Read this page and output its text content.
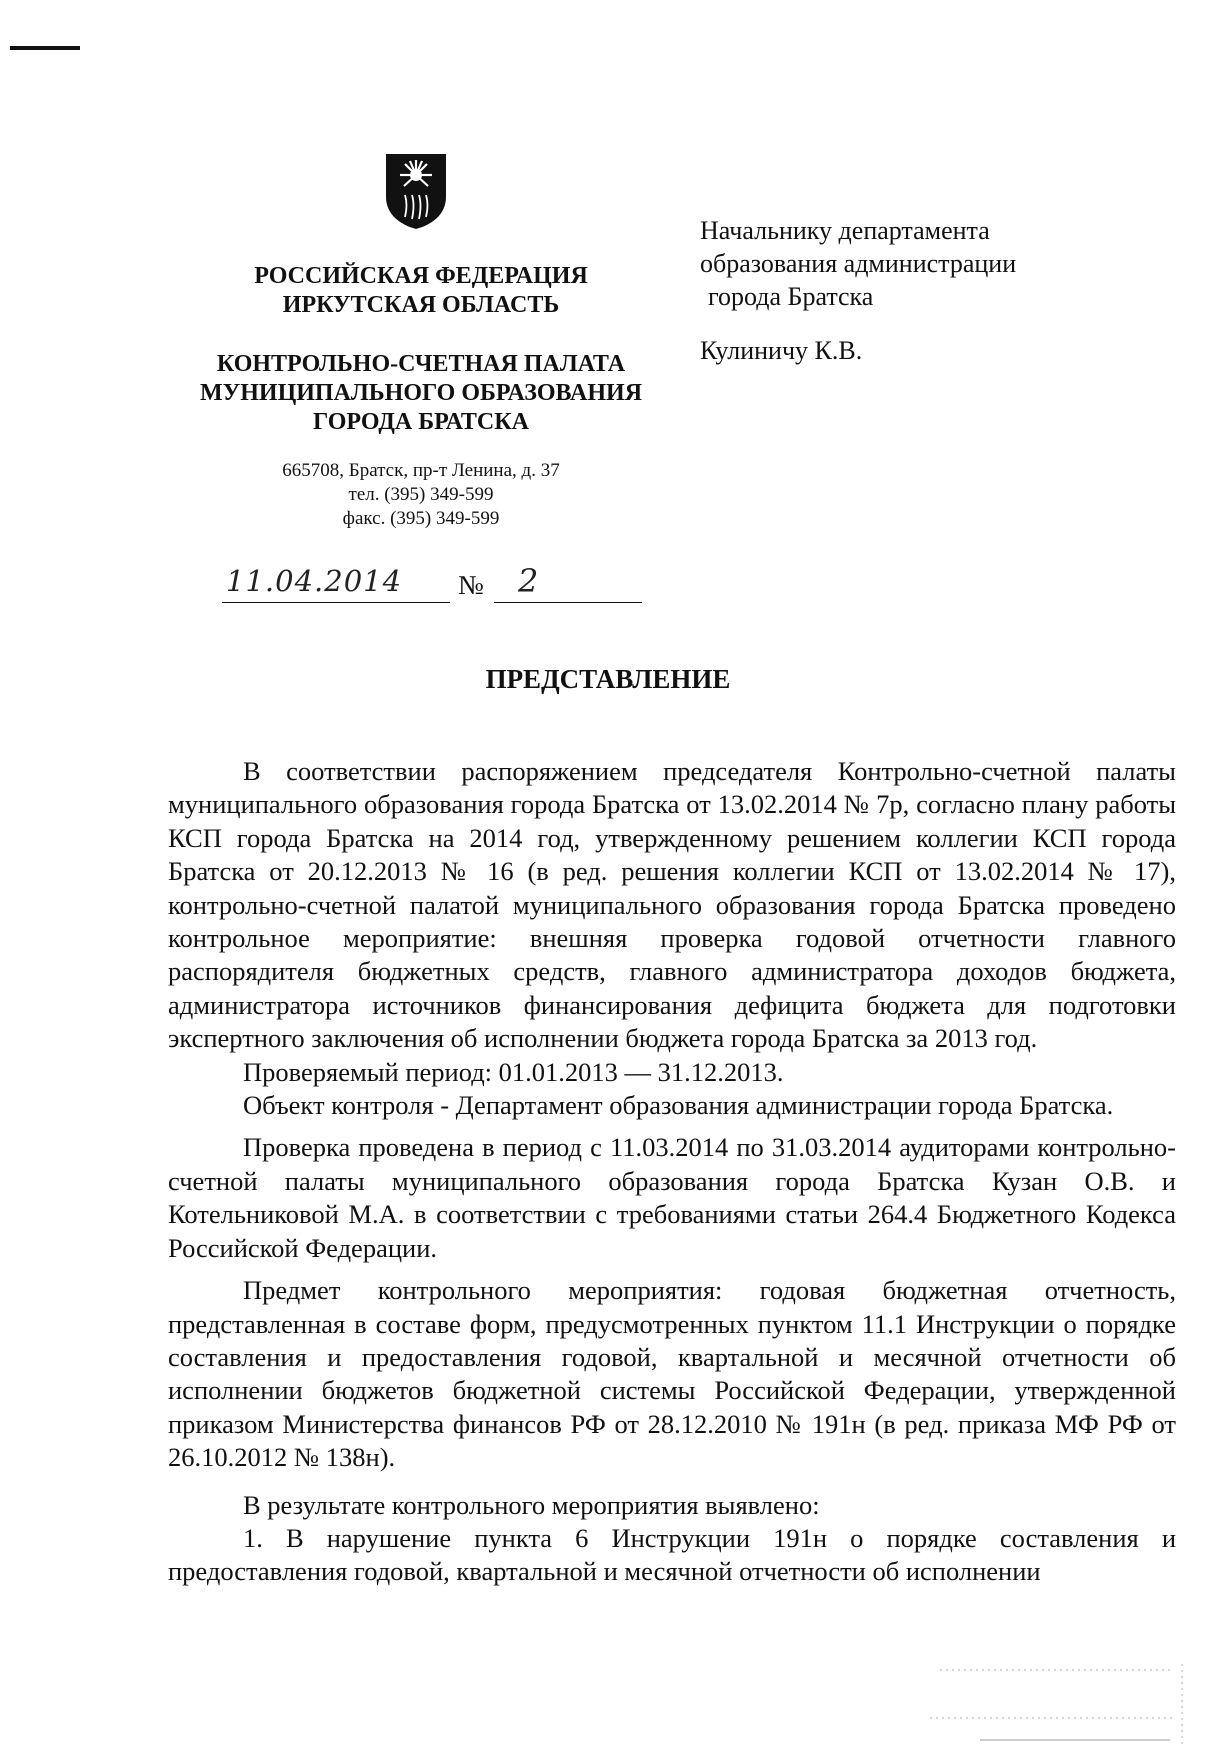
РОССИЙСКАЯ ФЕДЕРАЦИЯ
ИРКУТСКАЯ ОБЛАСТЬ
КОНТРОЛЬНО-СЧЕТНАЯ ПАЛАТА
МУНИЦИПАЛЬНОГО ОБРАЗОВАНИЯ
ГОРОДА БРАТСКА
665708, Братск, пр-т Ленина, д. 37
тел. (395) 349-599
факс. (395) 349-599
Начальнику департамента
образования администрации
города Братска
Кулиничу К.В.
11.04.2014 № 2
ПРЕДСТАВЛЕНИЕ

В соответствии распоряжением председателя Контрольно-счетной палаты муниципального образования города Братска от 13.02.2014 № 7р, согласно плану работы КСП города Братска на 2014 год, утвержденному решением коллегии КСП города Братска от 20.12.2013 № 16 (в ред. решения коллегии КСП от 13.02.2014 № 17), контрольно-счетной палатой муниципального образования города Братска проведено контрольное мероприятие: внешняя проверка годовой отчетности главного распорядителя бюджетных средств, главного администратора доходов бюджета, администратора источников финансирования дефицита бюджета для подготовки экспертного заключения об исполнении бюджета города Братска за 2013 год.

Проверяемый период: 01.01.2013 — 31.12.2013.

Объект контроля - Департамент образования администрации города Братска.

Проверка проведена в период с 11.03.2014 по 31.03.2014 аудиторами контрольно-счетной палаты муниципального образования города Братска Кузан О.В. и Котельниковой М.А. в соответствии с требованиями статьи 264.4 Бюджетного Кодекса Российской Федерации.

Предмет контрольного мероприятия: годовая бюджетная отчетность, представленная в составе форм, предусмотренных пунктом 11.1 Инструкции о порядке составления и предоставления годовой, квартальной и месячной отчетности об исполнении бюджетов бюджетной системы Российской Федерации, утвержденной приказом Министерства финансов РФ от 28.12.2010 № 191н (в ред. приказа МФ РФ от 26.10.2012 № 138н).

В результате контрольного мероприятия выявлено:

1. В нарушение пункта 6 Инструкции 191н о порядке составления и предоставления годовой, квартальной и месячной отчетности об исполнении
